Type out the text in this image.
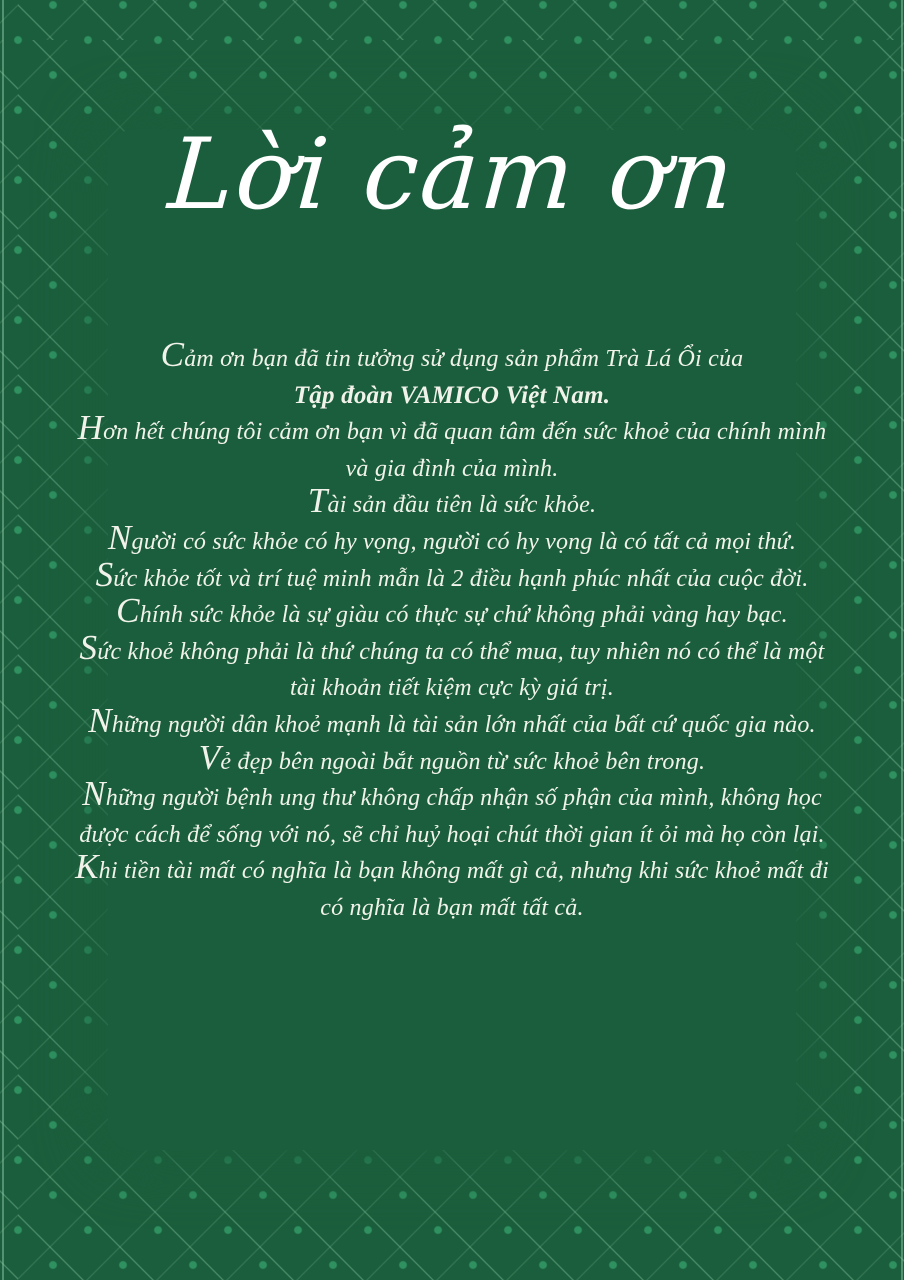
Lời cảm ơn
Cảm ơn bạn đã tin tưởng sử dụng sản phẩm Trà Lá Ổi của
Tập đoàn VAMICO Việt Nam.
Hơn hết chúng tôi cảm ơn bạn vì đã quan tâm đến sức khoẻ của chính mình
và gia đình của mình.
Tài sản đầu tiên là sức khỏe.
Người có sức khỏe có hy vọng, người có hy vọng là có tất cả mọi thứ.
Sức khỏe tốt và trí tuệ minh mẫn là 2 điều hạnh phúc nhất của cuộc đời.
Chính sức khỏe là sự giàu có thực sự chứ không phải vàng hay bạc.
Sức khoẻ không phải là thứ chúng ta có thể mua, tuy nhiên nó có thể là một
tài khoản tiết kiệm cực kỳ giá trị.
Những người dân khoẻ mạnh là tài sản lớn nhất của bất cứ quốc gia nào.
Vẻ đẹp bên ngoài bắt nguồn từ sức khoẻ bên trong.
Những người bệnh ung thư không chấp nhận số phận của mình, không học
được cách để sống với nó, sẽ chỉ huỷ hoại chút thời gian ít ỏi mà họ còn lại.
Khi tiền tài mất có nghĩa là bạn không mất gì cả, nhưng khi sức khoẻ mất đi
có nghĩa là bạn mất tất cả.
